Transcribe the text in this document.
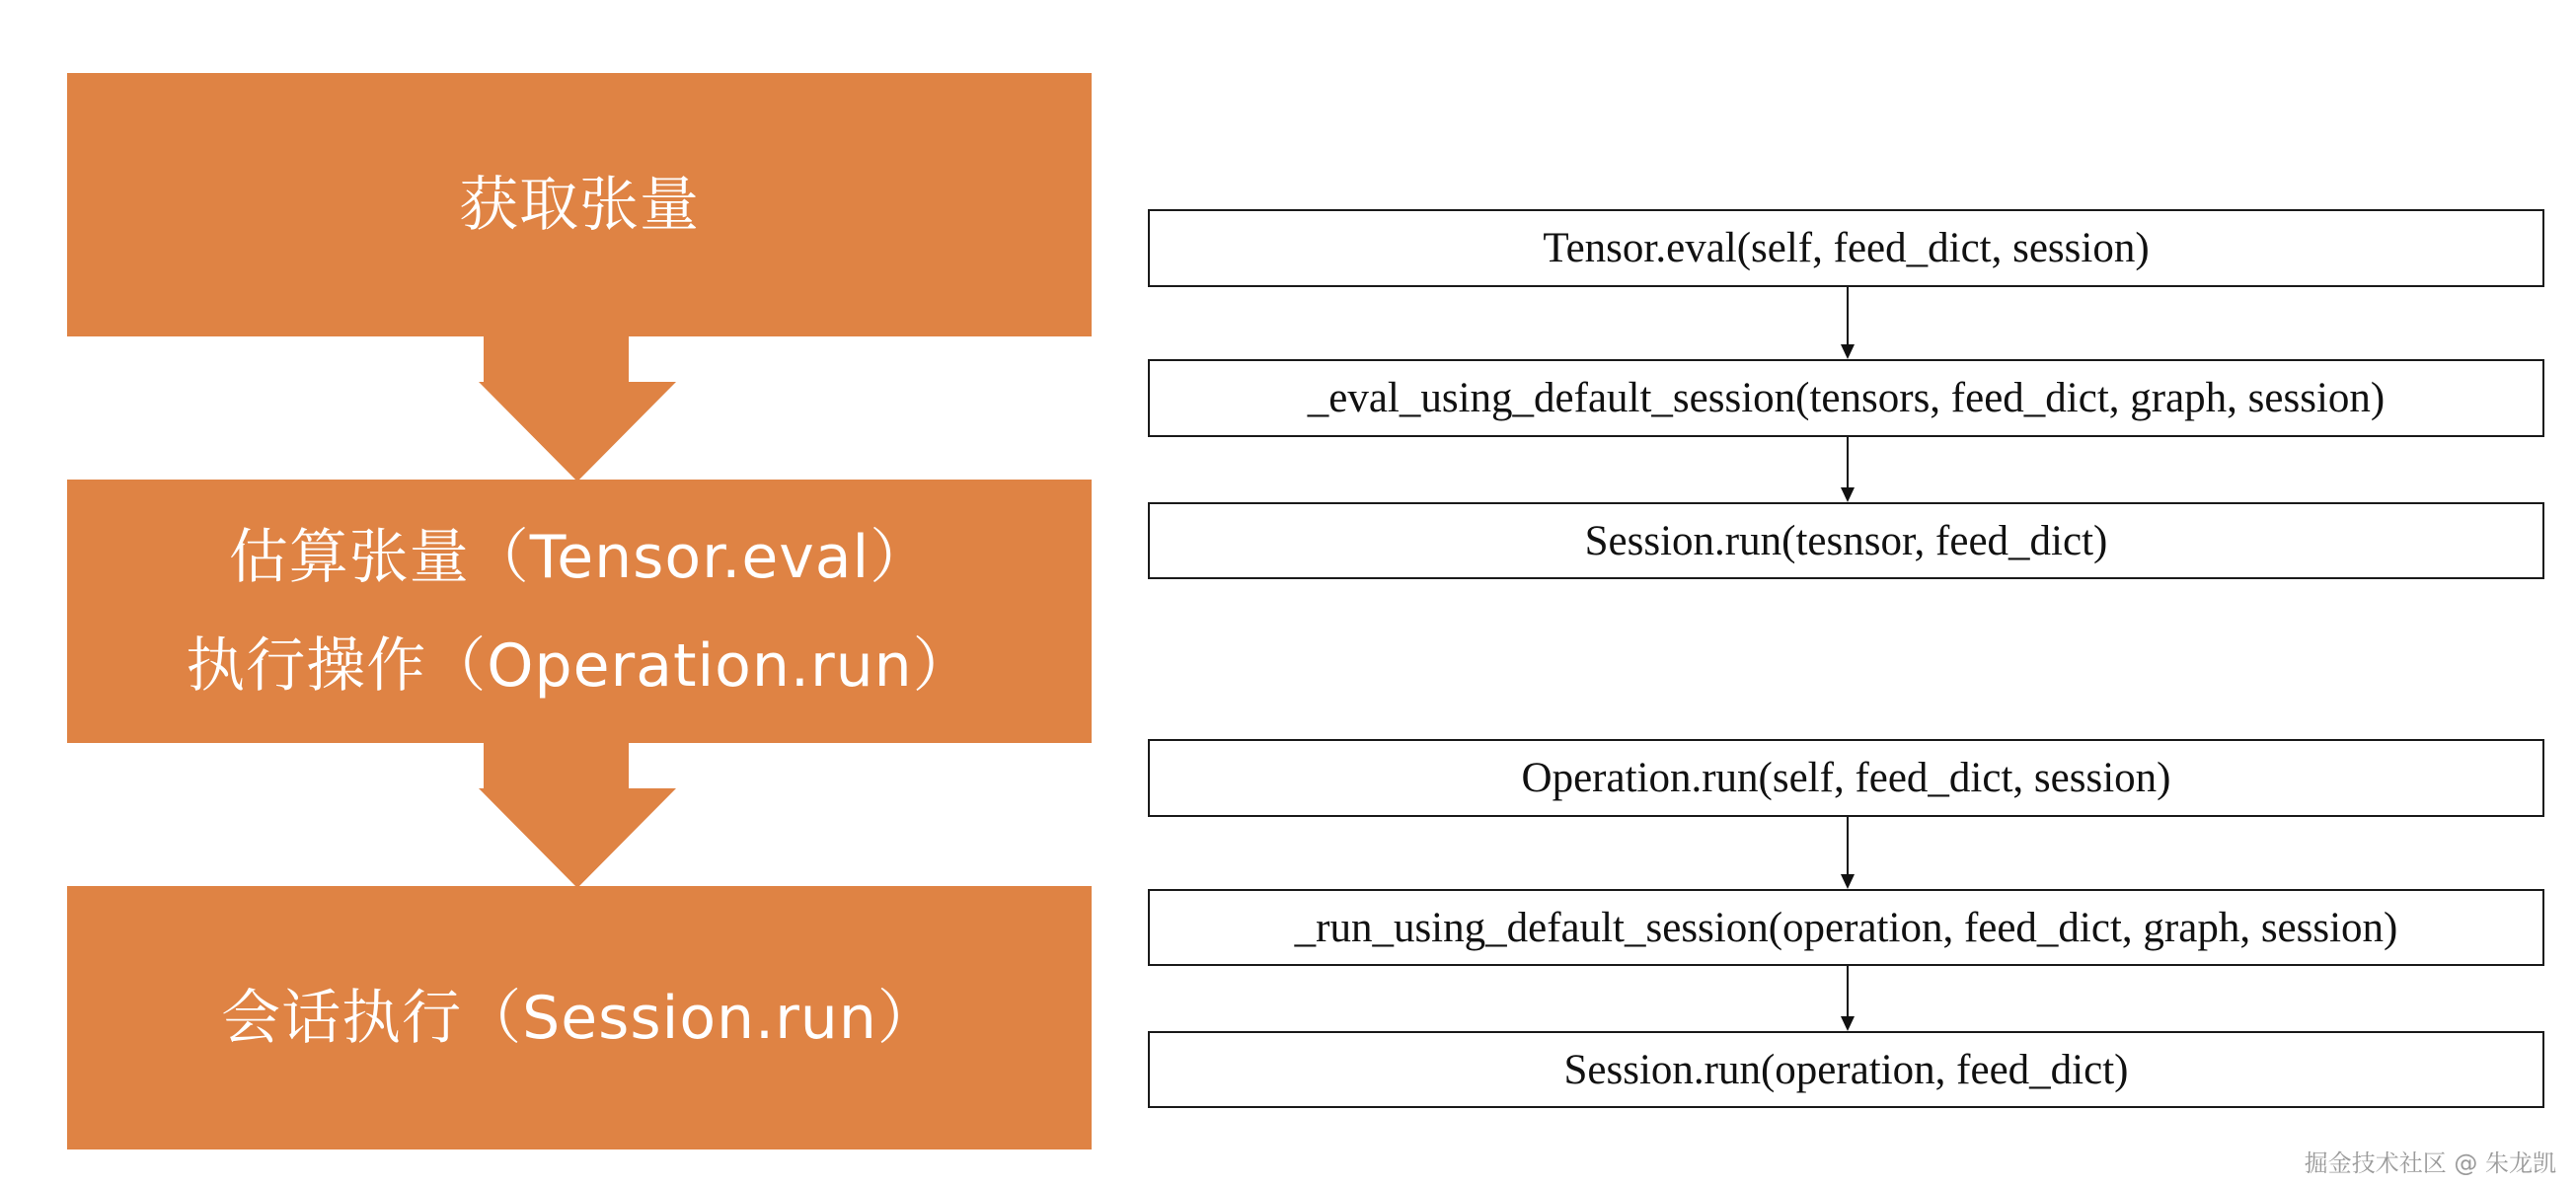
获取张量
估算张量（Tensor.eval）
执行操作（Operation.run）
会话执行（Session.run）
Tensor.eval(self, feed_dict, session)
_eval_using_default_session(tensors, feed_dict, graph, session)
Session.run(tesnsor, feed_dict)
Operation.run(self, feed_dict, session)
_run_using_default_session(operation, feed_dict, graph, session)
Session.run(operation, feed_dict)
掘金技术社区 @ 朱龙凯
